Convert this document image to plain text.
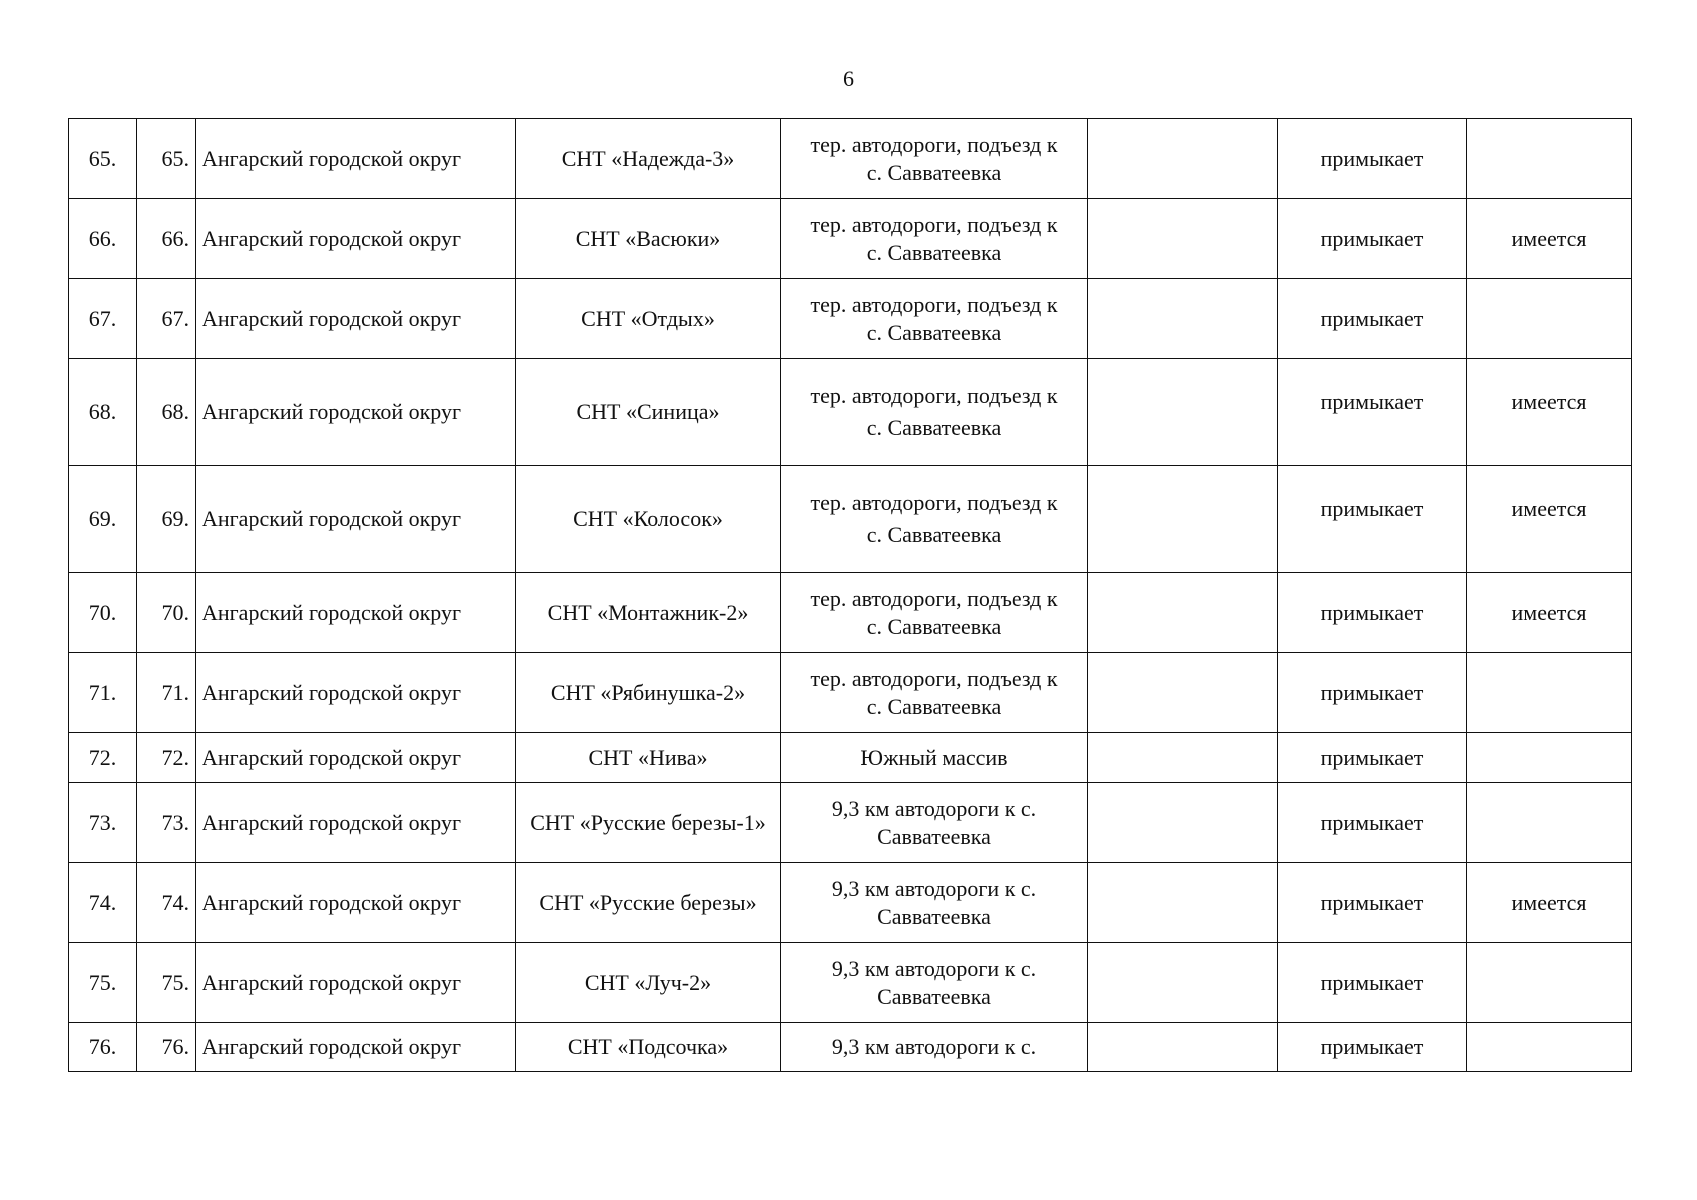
6
65.	65.	Ангарский городской округ	СНТ «Надежда-3»	тер. автодороги, подъезд к
с. Савватеевка		примыкает	
66.	66.	Ангарский городской округ	СНТ «Васюки»	тер. автодороги, подъезд к
с. Савватеевка		примыкает	имеется
67.	67.	Ангарский городской округ	СНТ «Отдых»	тер. автодороги, подъезд к
с. Савватеевка		примыкает	
68.	68.	Ангарский городской округ	СНТ «Синица»	тер. автодороги, подъезд к
с. Савватеевка		примыкает	имеется
69.	69.	Ангарский городской округ	СНТ «Колосок»	тер. автодороги, подъезд к
с. Савватеевка		примыкает	имеется
70.	70.	Ангарский городской округ	СНТ «Монтажник-2»	тер. автодороги, подъезд к
с. Савватеевка		примыкает	имеется
71.	71.	Ангарский городской округ	СНТ «Рябинушка-2»	тер. автодороги, подъезд к
с. Савватеевка		примыкает	
72.	72.	Ангарский городской округ	СНТ «Нива»	Южный массив		примыкает	
73.	73.	Ангарский городской округ	СНТ «Русские березы-1»	9,3 км автодороги к с.
Савватеевка		примыкает	
74.	74.	Ангарский городской округ	СНТ «Русские березы»	9,3 км автодороги к с.
Савватеевка		примыкает	имеется
75.	75.	Ангарский городской округ	СНТ «Луч-2»	9,3 км автодороги к с.
Савватеевка		примыкает	
76.	76.	Ангарский городской округ	СНТ «Подсочка»	9,3 км автодороги к с.		примыкает	
